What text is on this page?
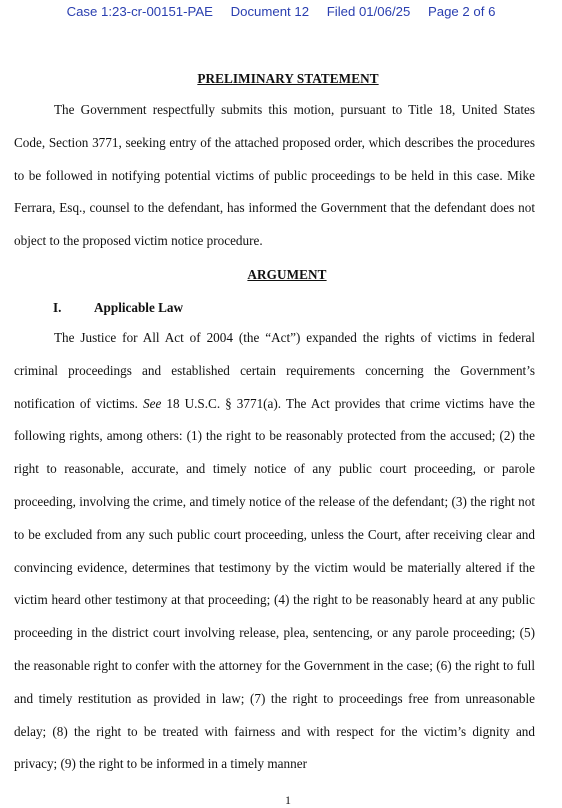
Case 1:23-cr-00151-PAE Document 12 Filed 01/06/25 Page 2 of 6
PRELIMINARY STATEMENT

The Government respectfully submits this motion, pursuant to Title 18, United States Code, Section 3771, seeking entry of the attached proposed order, which describes the procedures to be followed in notifying potential victims of public proceedings to be held in this case. Mike Ferrara, Esq., counsel to the defendant, has informed the Government that the defendant does not object to the proposed victim notice procedure.

ARGUMENT
I. Applicable Law

The Justice for All Act of 2004 (the “Act”) expanded the rights of victims in federal criminal proceedings and established certain requirements concerning the Government’s notification of victims. See 18 U.S.C. § 3771(a). The Act provides that crime victims have the following rights, among others: (1) the right to be reasonably protected from the accused; (2) the right to reasonable, accurate, and timely notice of any public court proceeding, or parole proceeding, involving the crime, and timely notice of the release of the defendant; (3) the right not to be excluded from any such public court proceeding, unless the Court, after receiving clear and convincing evidence, determines that testimony by the victim would be materially altered if the victim heard other testimony at that proceeding; (4) the right to be reasonably heard at any public proceeding in the district court involving release, plea, sentencing, or any parole proceeding; (5) the reasonable right to confer with the attorney for the Government in the case; (6) the right to full and timely restitution as provided in law; (7) the right to proceedings free from unreasonable delay; (8) the right to be treated with fairness and with respect for the victim’s dignity and privacy; (9) the right to be informed in a timely manner

1
